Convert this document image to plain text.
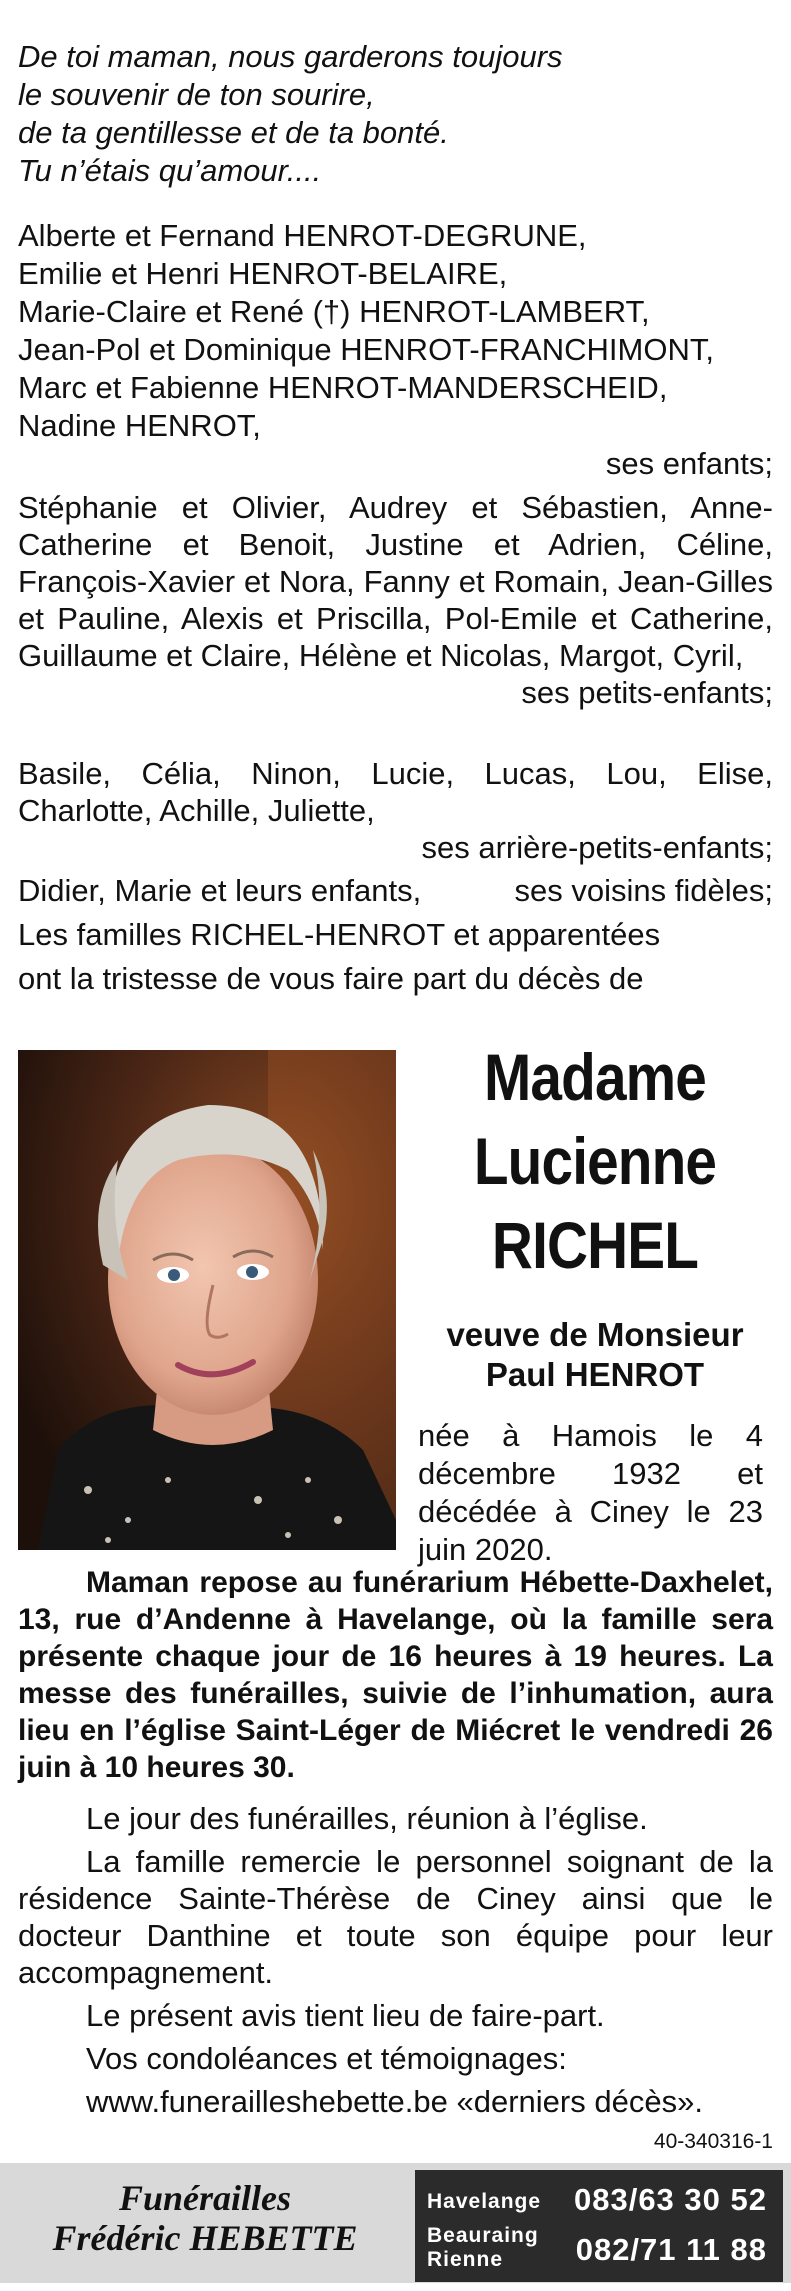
De toi maman, nous garderons toujours
le souvenir de ton sourire,
de ta gentillesse et de ta bonté.
Tu n’étais qu’amour....
Alberte et Fernand HENROT-DEGRUNE,
Emilie et Henri HENROT-BELAIRE,
Marie-Claire et René (†) HENROT-LAMBERT,
Jean-Pol et Dominique HENROT-FRANCHIMONT,
Marc et Fabienne HENROT-MANDERSCHEID,
Nadine HENROT,
ses enfants;
Stéphanie et Olivier, Audrey et Sébastien, Anne-Catherine et Benoit, Justine et Adrien, Céline, François-Xavier et Nora, Fanny et Romain, Jean-Gilles et Pauline, Alexis et Priscilla, Pol-Emile et Catherine, Guillaume et Claire, Hélène et Nicolas, Margot, Cyril,
ses petits-enfants;
Basile, Célia, Ninon, Lucie, Lucas, Lou, Elise, Charlotte, Achille, Juliette,
ses arrière-petits-enfants;
Didier, Marie et leurs enfants,	ses voisins fidèles;
Les familles RICHEL-HENROT et apparentées
ont la tristesse de vous faire part du décès de
Madame
Lucienne
RICHEL
veuve de Monsieur
Paul HENROT
née à Hamois le 4 décembre 1932 et décédée à Ciney le 23 juin 2020.
Maman repose au funérarium Hébette-Daxhelet, 13, rue d’Andenne à Havelange, où la famille sera présente chaque jour de 16 heures à 19 heures. La messe des funérailles, suivie de l’inhumation, aura lieu en l’église Saint-Léger de Miécret le vendredi 26 juin à 10 heures 30.
Le jour des funérailles, réunion à l’église.
La famille remercie le personnel soignant de la résidence Sainte-Thérèse de Ciney ainsi que le docteur Danthine et toute son équipe pour leur accompagnement.
Le présent avis tient lieu de faire-part.
Vos condoléances et témoignages:
www.funerailleshebette.be «derniers décès».
40-340316-1
Funérailles
Frédéric HEBETTE
Havelange 083/63 30 52
Beauraing
Rienne	082/71 11 88
